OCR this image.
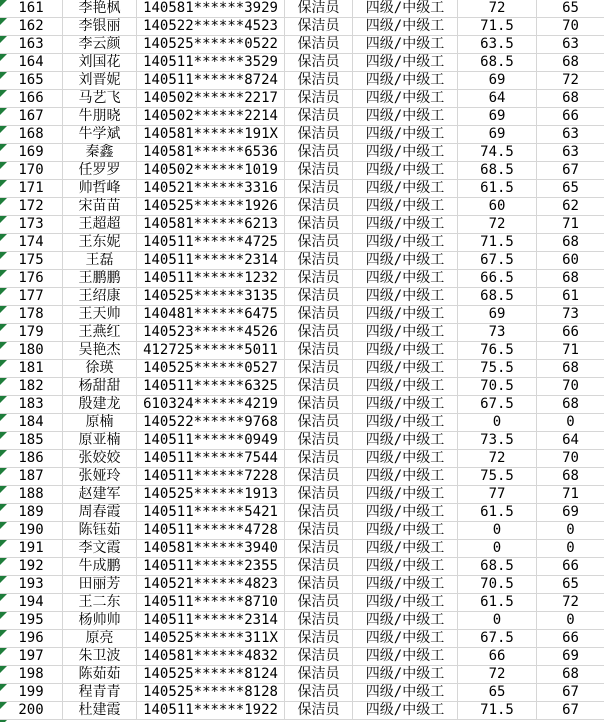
161 李艳枫 140581******3929 保洁员 四级/中级工	72	65
162 李银丽 140522******4523 保洁员 四级/中级工	71.5	70
163 李云颜 140525******0522 保洁员 四级/中级工	63.5	63
164 刘国花 140511******3529 保洁员 四级/中级工	68.5	68
165 刘晋妮 140511******8724 保洁员 四级/中级工	69	72
166 马艺飞 140502******2217 保洁员 四级/中级工	64	68
167 牛朋晓 140502******2214 保洁员 四级/中级工	69	66
168 牛学斌 140581******191X 保洁员 四级/中级工	69	63
169	秦鑫 140581******6536 保洁员 四级/中级工	74.5	63
170 任罗罗 140502******1019 保洁员 四级/中级工	68.5	67
171 帅哲峰 140521******3316 保洁员 四级/中级工	61.5	65
172 宋苗苗 140525******1926 保洁员 四级/中级工	60	62
173 王超超 140581******6213 保洁员 四级/中级工	72	71
174 王东妮 140511******4725 保洁员 四级/中级工	71.5	68
175	王磊 140511******2314 保洁员 四级/中级工	67.5	60
176 王鹏鹏 140511******1232 保洁员 四级/中级工	66.5	68
177 王绍康 140525******3135 保洁员 四级/中级工	68.5	61
178 王天帅 140481******6475 保洁员 四级/中级工	69	73
179 王燕红 140523******4526 保洁员 四级/中级工	73	66
180 吴艳杰 412725******5011 保洁员 四级/中级工	76.5	71
181	徐瑛 140525******0527 保洁员 四级/中级工	75.5	68
182 杨甜甜 140511******6325 保洁员 四级/中级工	70.5	70
183 殷建龙 610324******4219 保洁员 四级/中级工	67.5	68
184	原楠 140522******9768 保洁员 四级/中级工	0	0
185 原亚楠 140511******0949 保洁员 四级/中级工	73.5	64
186 张姣姣 140511******7544 保洁员 四级/中级工	72	70
187 张娅玲 140511******7228 保洁员 四级/中级工	75.5	68
188 赵建军 140525******1913 保洁员 四级/中级工	77	71
189 周春霞 140511******5421 保洁员 四级/中级工	61.5	69
190 陈钰茹 140511******4728 保洁员 四级/中级工	0	0
191 李文霞 140581******3940 保洁员 四级/中级工	0	0
192 牛成鹏 140511******2355 保洁员 四级/中级工	68.5	66
193 田丽芳 140521******4823 保洁员 四级/中级工	70.5	65
194 王二东 140511******8710 保洁员 四级/中级工	61.5	72
195 杨帅帅 140511******2314 保洁员 四级/中级工	0	0
196	原亮 140525******311X 保洁员 四级/中级工	67.5	66
197 朱卫波 140581******4832 保洁员 四级/中级工	66	69
198 陈茹茹 140525******8124 保洁员 四级/中级工	72	68
199 程青青 140525******8128 保洁员 四级/中级工	65	67
200 杜建霞 140511******1922 保洁员 四级/中级工	71.5	67
